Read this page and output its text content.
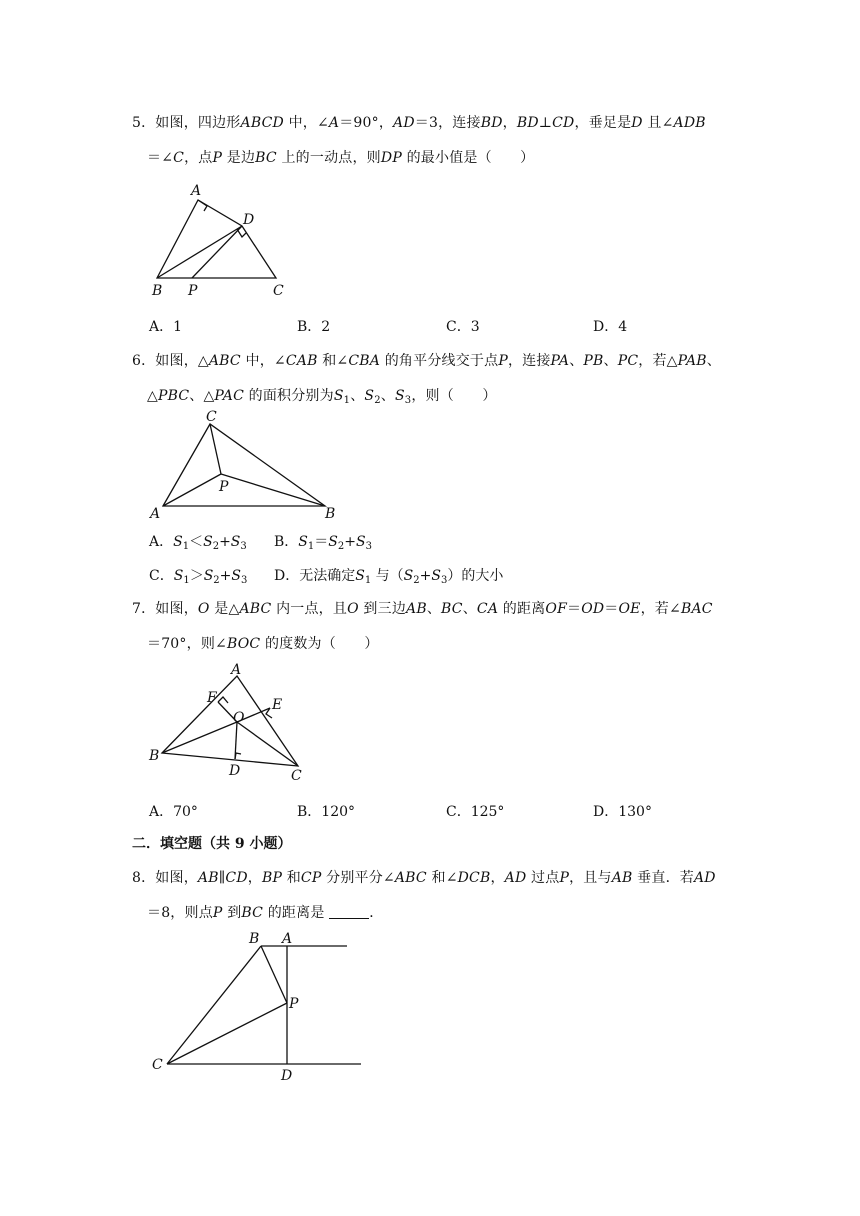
5．如图，四边形ABCD 中，∠A＝90°，AD＝3，连接BD，BD⊥CD，垂足是D 且∠ADB
＝∠C，点P 是边BC 上的一动点，则DP 的最小值是（　　）
A
D
B P	C
A．1	B．2	C．3	D．4
6．如图，△ABC 中，∠CAB 和∠CBA 的角平分线交于点P，连接PA、PB、PC，若△PAB、
△PBC、△PAC 的面积分别为$S_1$、$S_2$、$S_3$，则（　　）
C
P
A	B
A．$S_1<S_2+S_3$ B．$S_1=S_2+S_3$
C．$S_1>S_2+S_3$ D．无法确定$S_1$ 与$(S_2+S_3)$的大小
7．如图，O 是△ABC 内一点，且O 到三边AB、BC、CA 的距离OF＝OD＝OE，若∠BAC
＝70°，则∠BOC 的度数为（　　）
A
F	E
O
B
D	C
A．70°	B．120°	C．125°	D．130°
二．填空题（共 9 小题）
8．如图，AB∥CD，BP 和CP 分别平分∠ABC 和∠DCB，AD 过点P，且与AB 垂直．若AD
＝8，则点P 到BC 的距离是	．
B A
P
C
D
